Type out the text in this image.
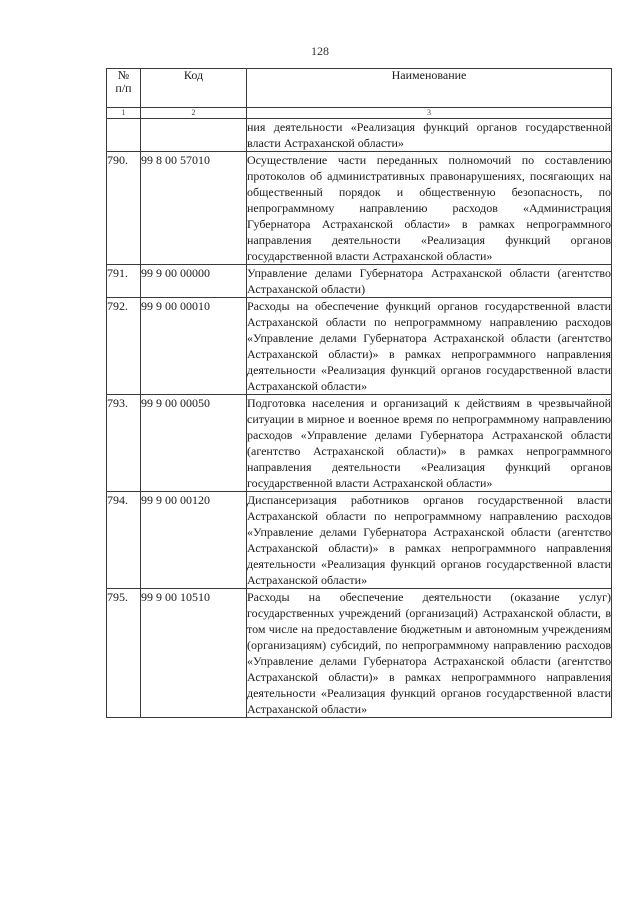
128
№
п/п	Код	Наименование
1	2	3
		ния деятельности «Реализация функций органов государственной власти Астраханской области»
790.	99 8 00 57010	Осуществление части переданных полномочий по составлению протоколов об административных правонарушениях, посягающих на общественный порядок и общественную безопасность, по непрограммному направлению расходов «Администрация Губернатора Астраханской области» в рамках непрограммного направления деятельности «Реализация функций органов государственной власти Астраханской области»
791.	99 9 00 00000	Управление делами Губернатора Астраханской области (агентство Астраханской области)
792.	99 9 00 00010	Расходы на обеспечение функций органов государственной власти Астраханской области по непрограммному направлению расходов «Управление делами Губернатора Астраханской области (агентство Астраханской области)» в рамках непрограммного направления деятельности «Реализация функций органов государственной власти Астраханской области»
793.	99 9 00 00050	Подготовка населения и организаций к действиям в чрезвычайной ситуации в мирное и военное время по непрограммному направлению расходов «Управление делами Губернатора Астраханской области (агентство Астраханской области)» в рамках непрограммного направления деятельности «Реализация функций органов государственной власти Астраханской области»
794.	99 9 00 00120	Диспансеризация работников органов государственной власти Астраханской области по непрограммному направлению расходов «Управление делами Губернатора Астраханской области (агентство Астраханской области)» в рамках непрограммного направления деятельности «Реализация функций органов государственной власти Астраханской области»
795.	99 9 00 10510	Расходы на обеспечение деятельности (оказание услуг) государственных учреждений (организаций) Астраханской области, в том числе на предоставление бюджетным и автономным учреждениям (организациям) субсидий, по непрограммному направлению расходов «Управление делами Губернатора Астраханской области (агентство Астраханской области)» в рамках непрограммного направления деятельности «Реализация функций органов государственной власти Астраханской области»
